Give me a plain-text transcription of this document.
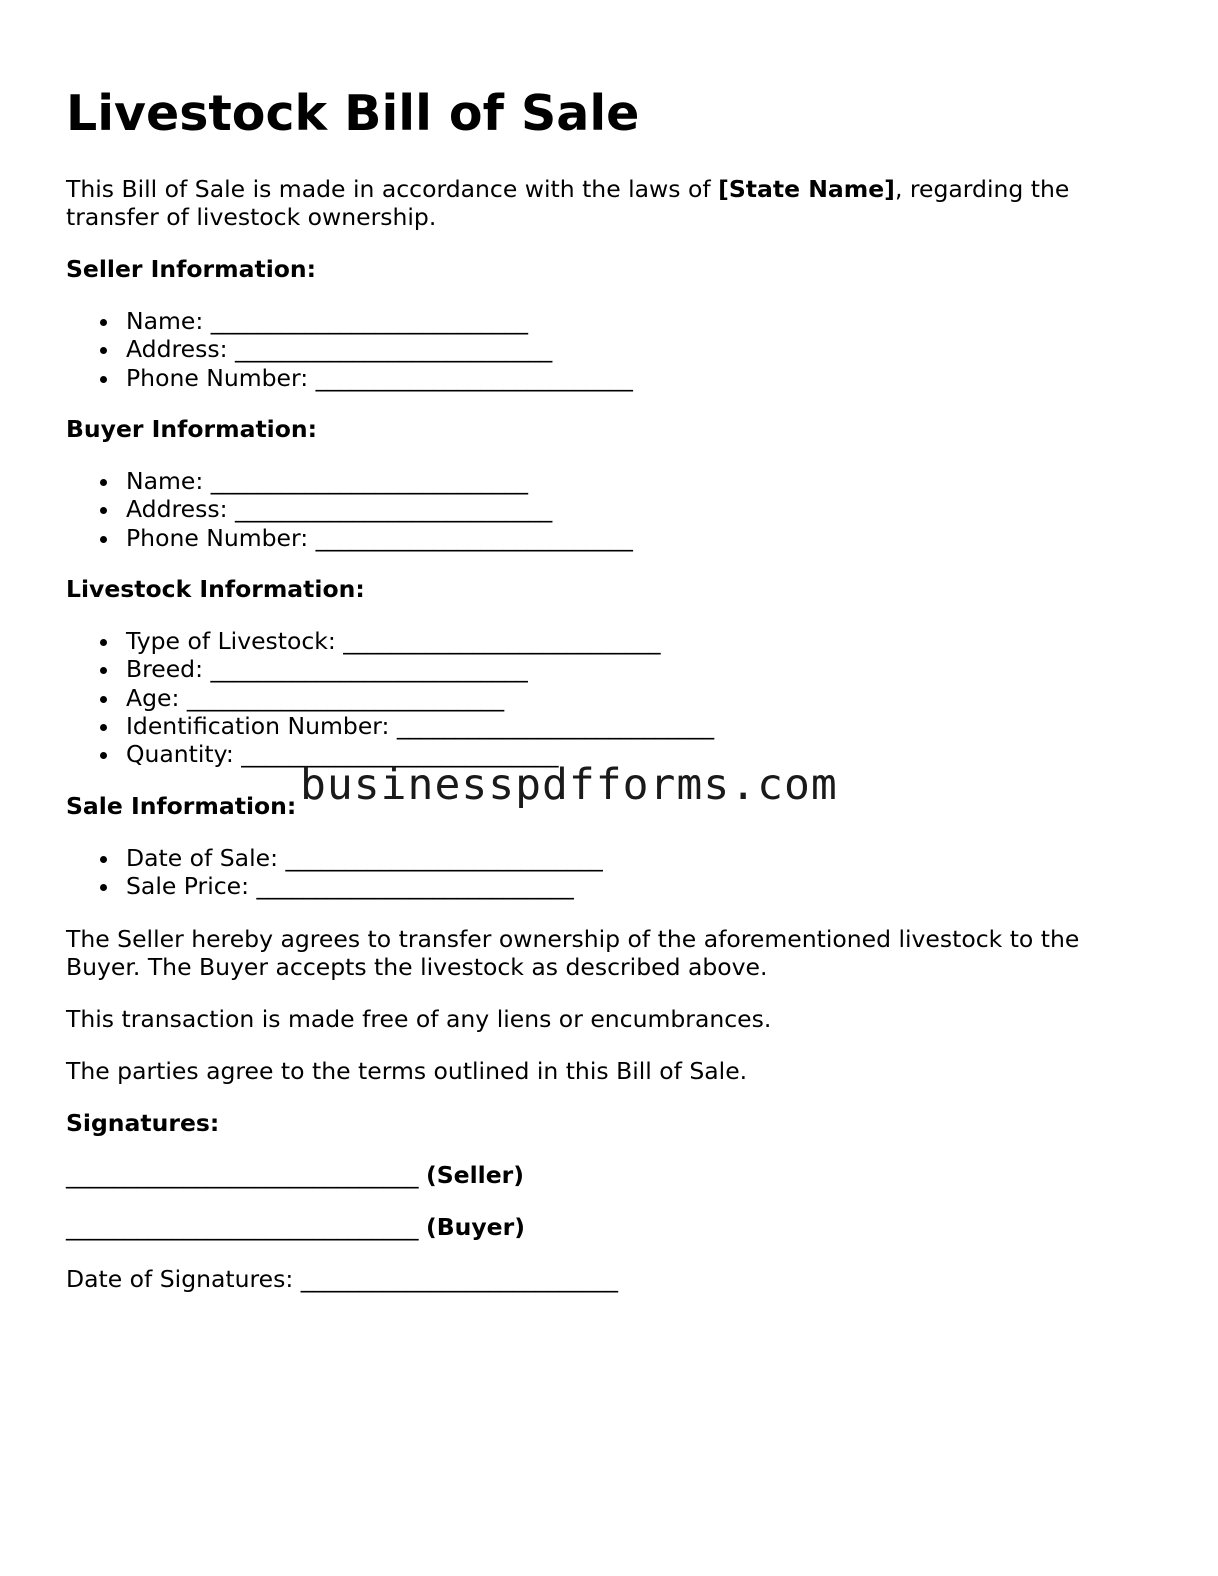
Livestock Bill of Sale

This Bill of Sale is made in accordance with the laws of [State Name], regarding the transfer of livestock ownership.

Seller Information:

Name: ___________________________
Address: ___________________________
Phone Number: ___________________________

Buyer Information:

Name: ___________________________
Address: ___________________________
Phone Number: ___________________________

Livestock Information:

Type of Livestock: ___________________________
Breed: ___________________________
Age: ___________________________
Identification Number: ___________________________
Quantity: ___________________________

Sale Information:

Date of Sale: ___________________________
Sale Price: ___________________________

The Seller hereby agrees to transfer ownership of the aforementioned livestock to the Buyer. The Buyer accepts the livestock as described above.

This transaction is made free of any liens or encumbrances.

The parties agree to the terms outlined in this Bill of Sale.

Signatures:

______________________________ (Seller)

______________________________ (Buyer)

Date of Signatures: ___________________________

businesspdfforms.com
